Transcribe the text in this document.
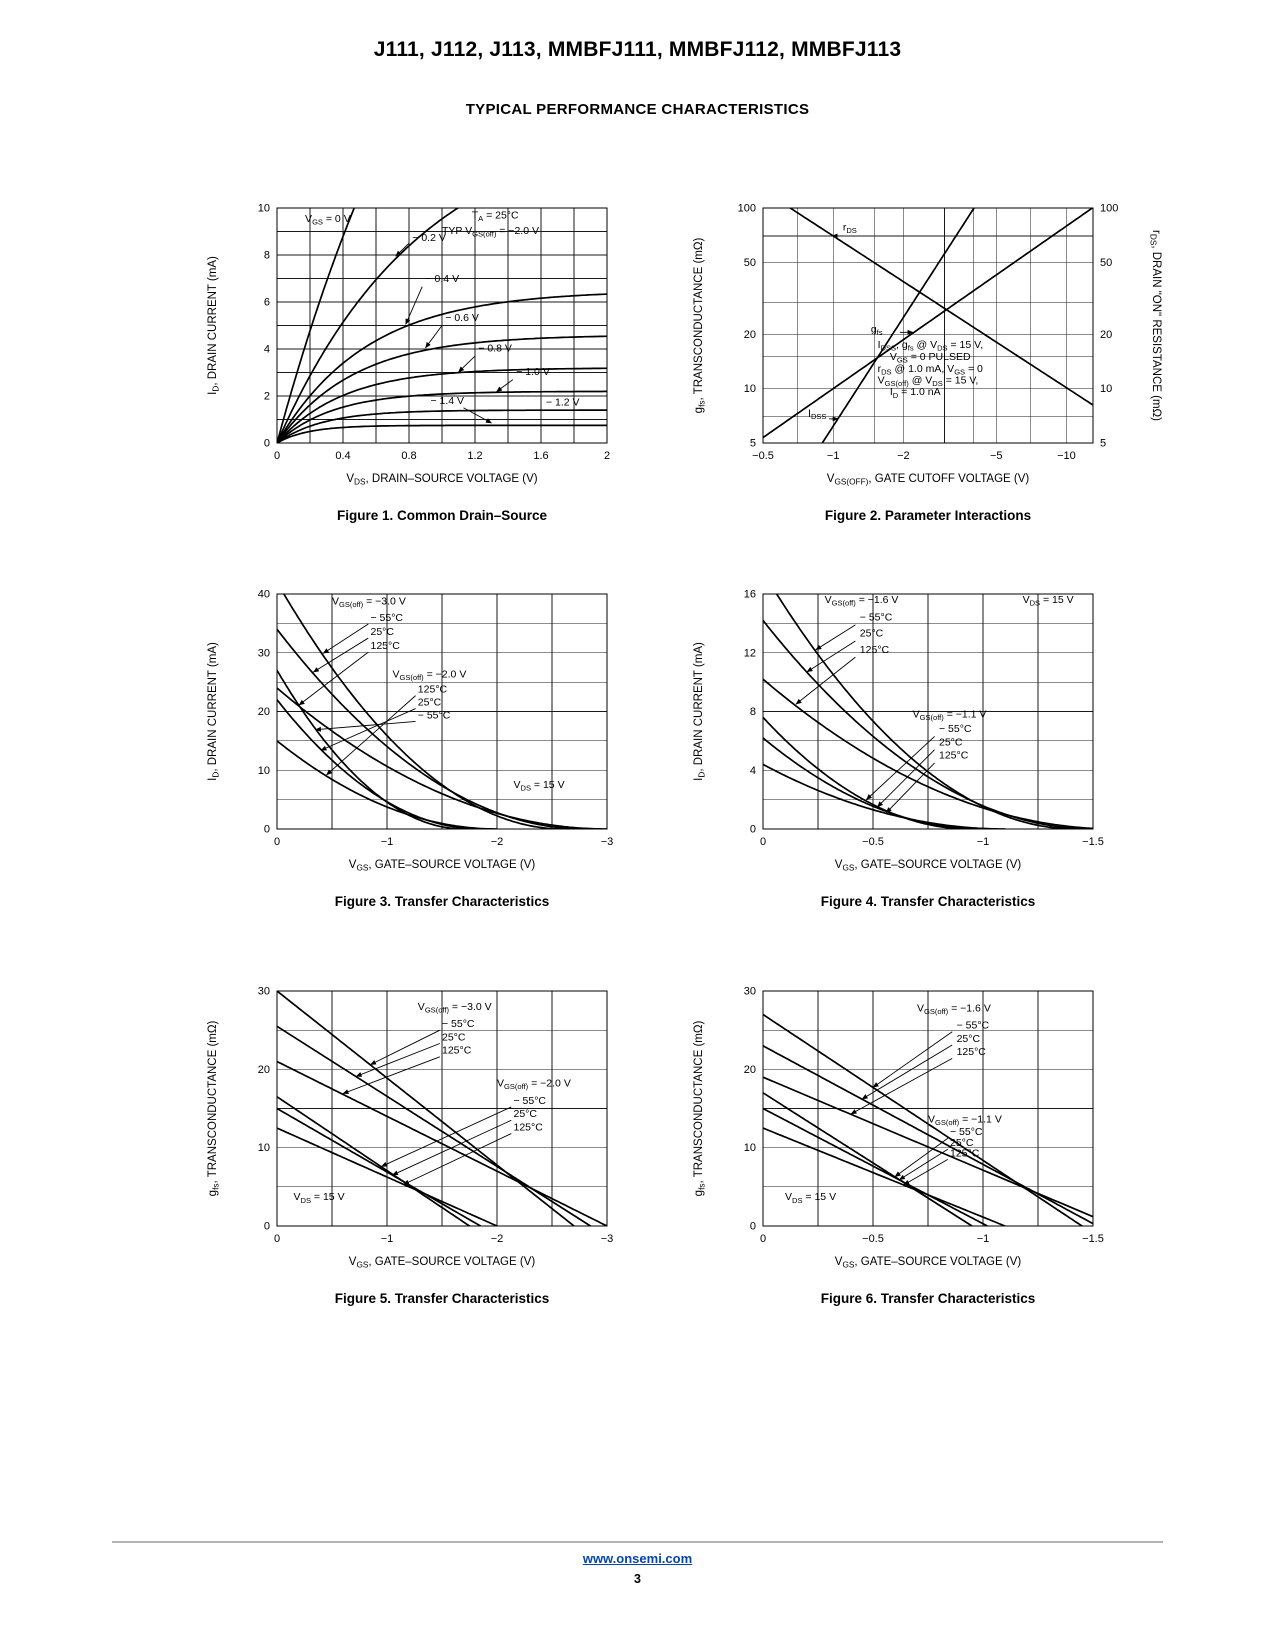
J111, J112, J113, MMBFJ111, MMBFJ112, MMBFJ113
TYPICAL PERFORMANCE CHARACTERISTICS
0	0.4	0.8	1.2	1.6	2
0
2
4
6
8
10
$V_{DS}$, DRAIN–SOURCE VOLTAGE (V)
$I_D$, DRAIN CURRENT (mA)
$V_{GS} = 0$ V	$T_A = 25^\circ C$
TYP $V_{GS(off)} = -2.0$ V
− 0.2 V
− 0.4 V
− 0.6 V
− 0.8 V
− 1.0 V
− 1.4 V	− 1.2 V
Figure 1. Common Drain–Source
−0.5	−1	−2	−5	−10
5
10
20
50
100
5
10
20
50
100
$V_{GS(OFF)}$, GATE CUTOFF VOLTAGE (V)
$g_{fs}$, TRANSCONDUCTANCE (mΩ)
$r_{DS}$, DRAIN "ON" RESISTANCE (mΩ)
$r_{DS}$
$g_{fs}$
$I_{DSS}$
$I_{DSS}$, $g_{fs}$ @ $V_{DS} = 15$ V,
$V_{GS} = 0$ PULSED
$r_{DS}$ @ 1.0 mA, $V_{GS} = 0$
$V_{GS(off)}$ @ $V_{DS} = 15$ V,
$I_D = 1.0$ nA
Figure 2. Parameter Interactions
0	−1	−2	−3
0
10
20
30
40
$V_{GS}$, GATE–SOURCE VOLTAGE (V)
$I_D$, DRAIN CURRENT (mA)
$V_{GS(off)} = -3.0$ V
− 55°C
25°C
125°C
$V_{GS(off)} = -2.0$ V
125°C
25°C
− 55°C
$V_{DS} = 15$ V
Figure 3. Transfer Characteristics
0	−0.5	−1	−1.5
0
4
8
12
16
$V_{GS}$, GATE–SOURCE VOLTAGE (V)
$I_D$, DRAIN CURRENT (mA)
$V_{GS(off)} = -1.6$ V
− 55°C
25°C
125°C
$V_{DS} = 15$ V
$V_{GS(off)} = -1.1$ V
− 55°C
25°C
125°C
Figure 4. Transfer Characteristics
0	−1	−2	−3
0
10
20
30
$V_{GS}$, GATE–SOURCE VOLTAGE (V)
$g_{fs}$, TRANSCONDUCTANCE (mΩ)
$V_{GS(off)} = -3.0$ V
− 55°C
25°C
125°C
$V_{GS(off)} = -2.0$ V
− 55°C
25°C
125°C
$V_{DS} = 15$ V
Figure 5. Transfer Characteristics
0	−0.5	−1	−1.5
0
10
20
30
$V_{GS}$, GATE–SOURCE VOLTAGE (V)
$g_{fs}$, TRANSCONDUCTANCE (mΩ)
$V_{GS(off)} = -1.6$ V
− 55°C
25°C
125°C
$V_{GS(off)} = -1.1$ V
− 55°C
25°C
125°C
$V_{DS} = 15$ V
Figure 6. Transfer Characteristics
www.onsemi.com
3
